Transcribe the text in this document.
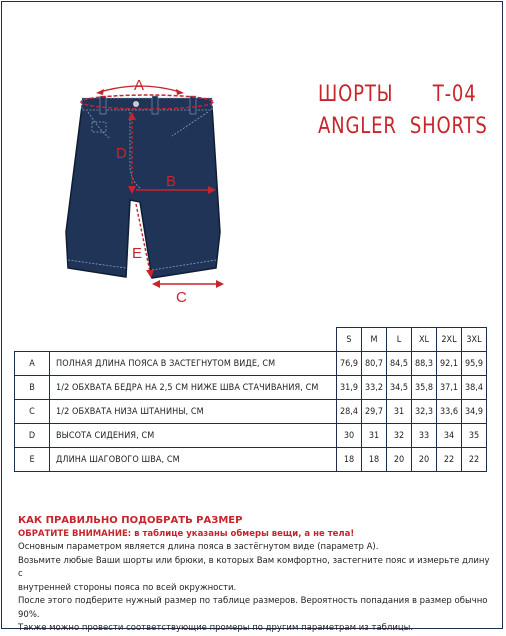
ШОРТЫ      Т-04
ANGLER  SHORTS
A
D
B
E
C
		S	M	L	XL	2XL	3XL
A	ПОЛНАЯ ДЛИНА ПОЯСА В ЗАСТЕГНУТОМ ВИДЕ, СМ	76,9	80,7	84,5	88,3	92,1	95,9
B	1/2 ОБХВАТА БЕДРА НА 2,5 СМ НИЖЕ ШВА СТАЧИВАНИЯ, СМ	31,9	33,2	34,5	35,8	37,1	38,4
C	1/2 ОБХВАТА НИЗА ШТАНИНЫ, СМ	28,4	29,7	31	32,3	33,6	34,9
D	ВЫСОТА СИДЕНИЯ, СМ	30	31	32	33	34	35
E	ДЛИНА ШАГОВОГО ШВА, СМ	18	18	20	20	22	22
КАК ПРАВИЛЬНО ПОДОБРАТЬ РАЗМЕР
ОБРАТИТЕ ВНИМАНИЕ: в таблице указаны обмеры вещи, а не тела!
Основным параметром является длина пояса в застёгнутом виде (параметр А).
Возьмите любые Ваши шорты или брюки, в которых Вам комфортно, застегните пояс и измерьте длину с
внутренней стороны пояса по всей окружности.
После этого подберите нужный размер по таблице размеров. Вероятность попадания в размер обычно 90%.
Также можно провести соответствующие промеры по другим параметрам из таблицы.
